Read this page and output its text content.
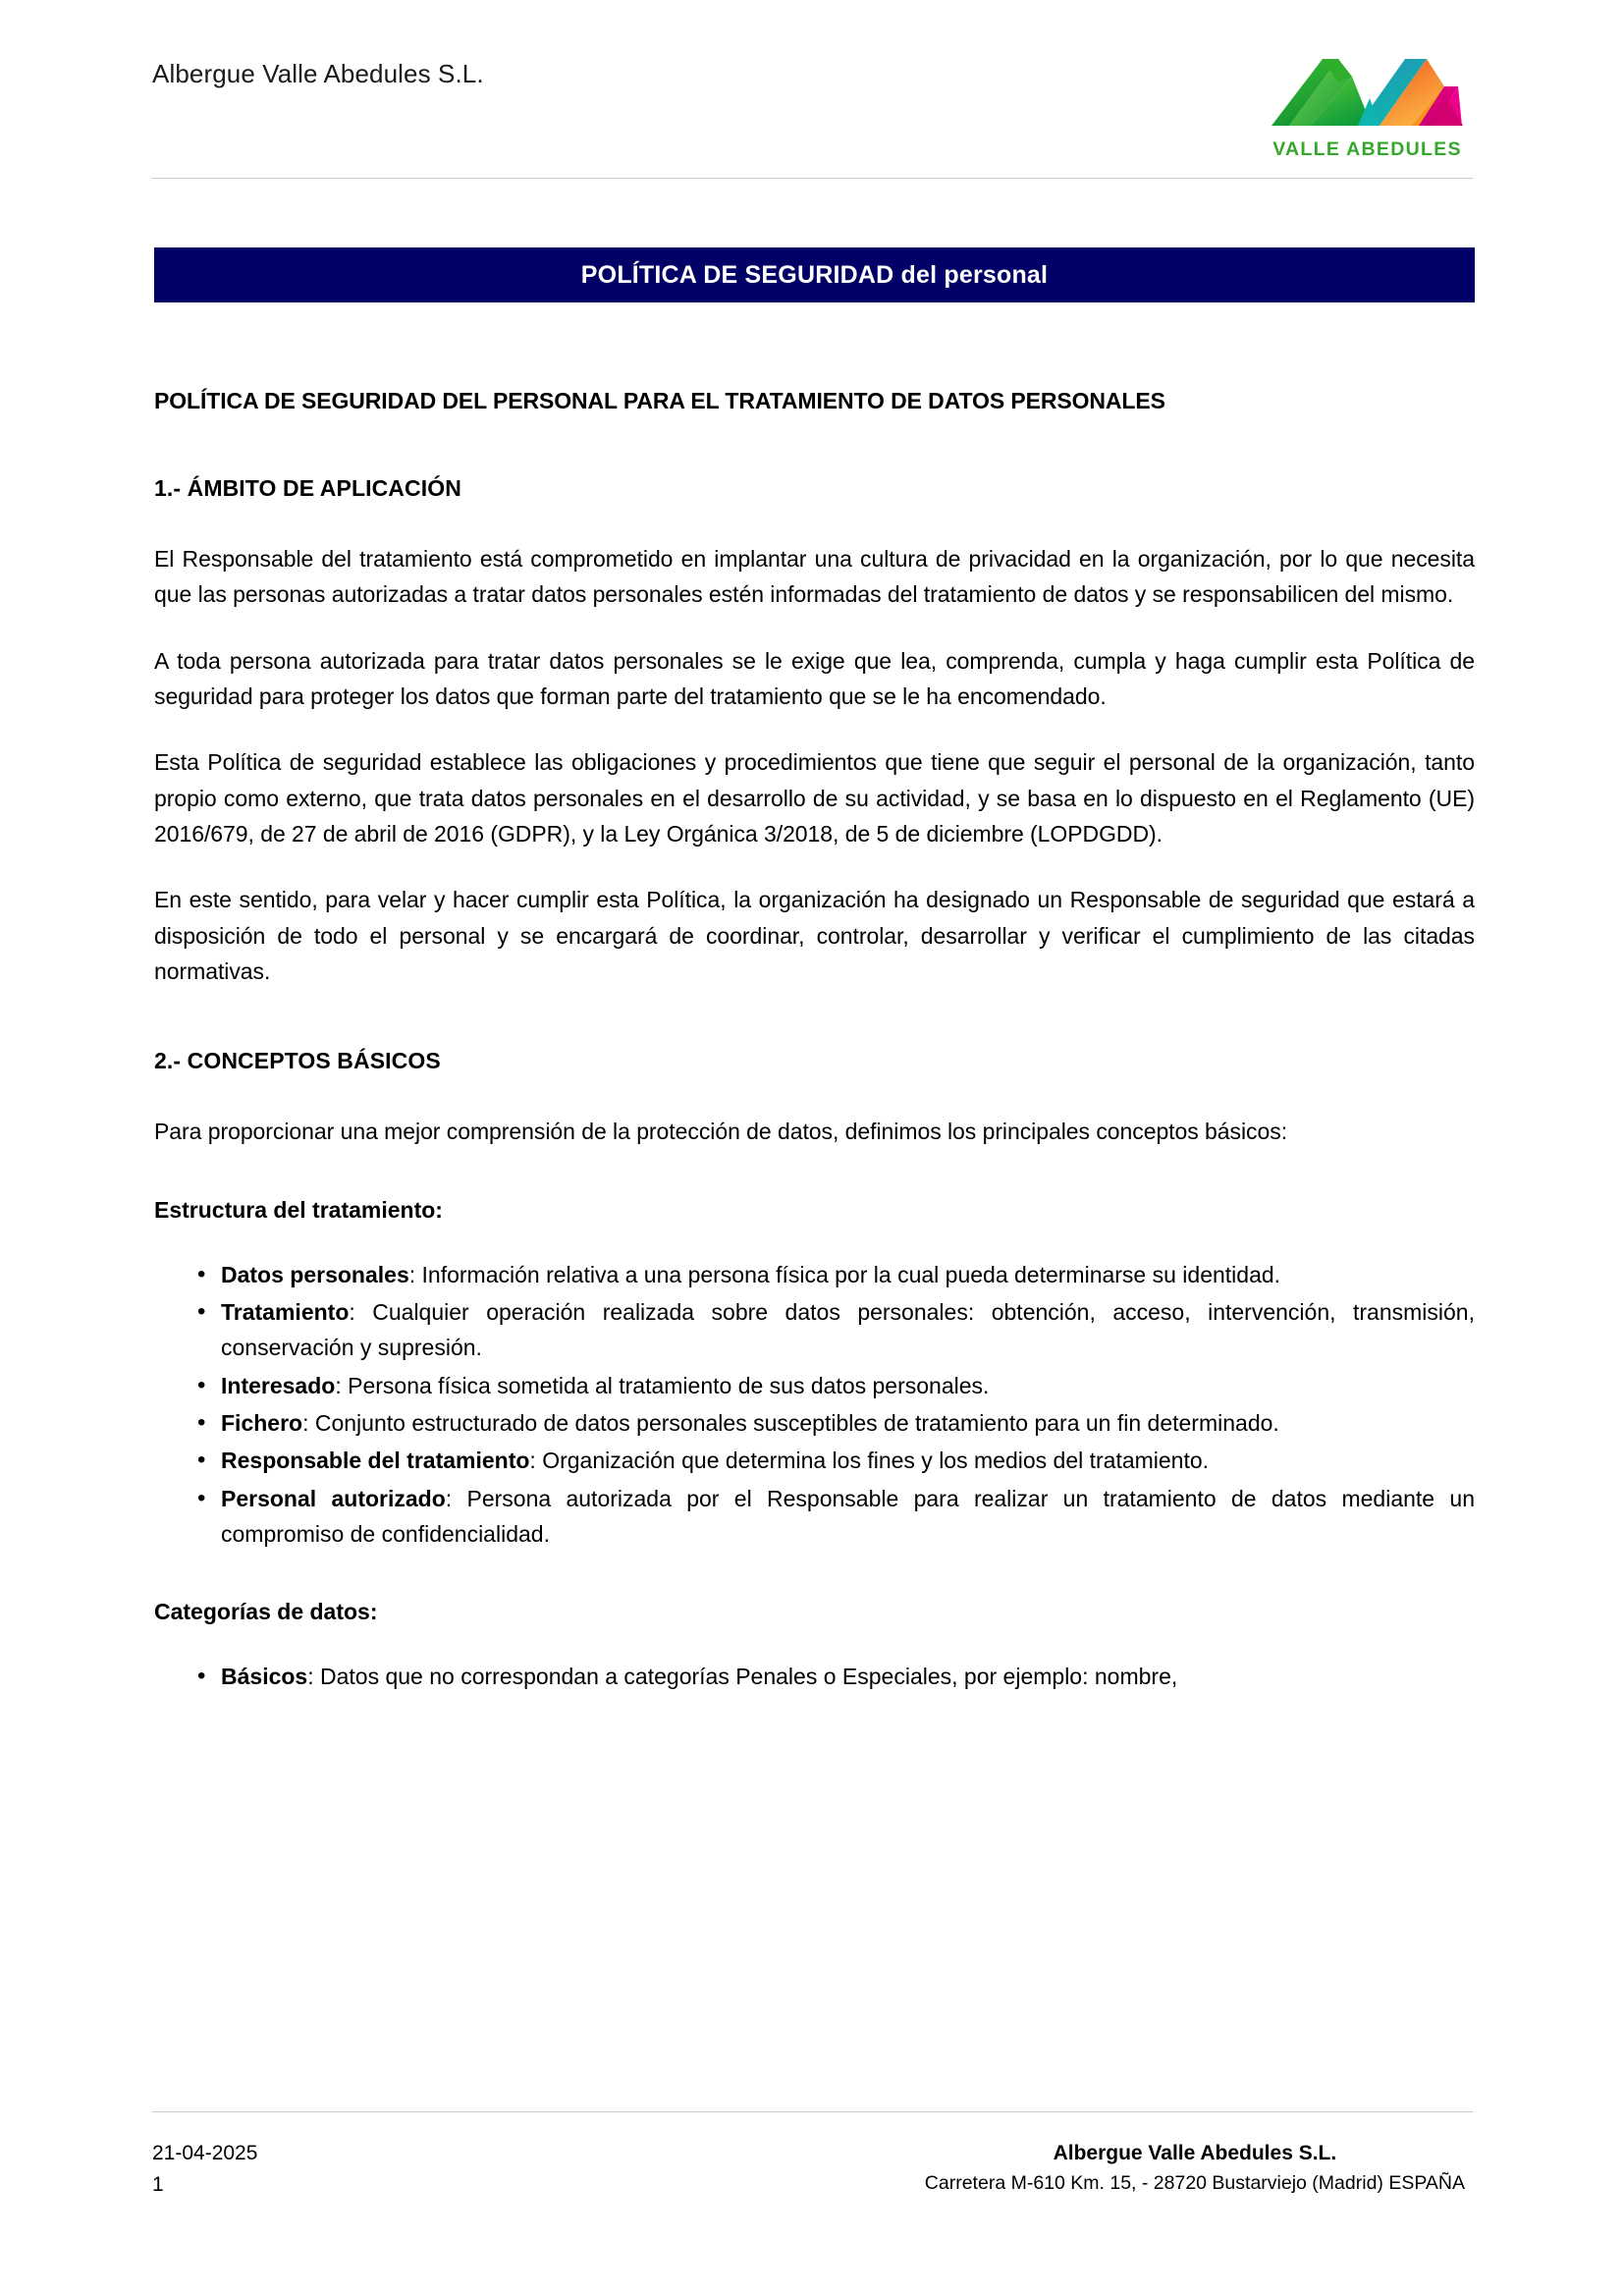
Albergue Valle Abedules S.L.
VALLE ABEDULES
POLÍTICA DE SEGURIDAD del personal
POLÍTICA DE SEGURIDAD DEL PERSONAL PARA EL TRATAMIENTO DE DATOS PERSONALES
1.- ÁMBITO DE APLICACIÓN

El Responsable del tratamiento está comprometido en implantar una cultura de privacidad en la organización, por lo que necesita que las personas autorizadas a tratar datos personales estén informadas del tratamiento de datos y se responsabilicen del mismo.

A toda persona autorizada para tratar datos personales se le exige que lea, comprenda, cumpla y haga cumplir esta Política de seguridad para proteger los datos que forman parte del tratamiento que se le ha encomendado.

Esta Política de seguridad establece las obligaciones y procedimientos que tiene que seguir el personal de la organización, tanto propio como externo, que trata datos personales en el desarrollo de su actividad, y se basa en lo dispuesto en el Reglamento (UE) 2016/679, de 27 de abril de 2016 (GDPR), y la Ley Orgánica 3/2018, de 5 de diciembre (LOPDGDD).

En este sentido, para velar y hacer cumplir esta Política, la organización ha designado un Responsable de seguridad que estará a disposición de todo el personal y se encargará de coordinar, controlar, desarrollar y verificar el cumplimiento de las citadas normativas.

2.- CONCEPTOS BÁSICOS

Para proporcionar una mejor comprensión de la protección de datos, definimos los principales conceptos básicos:

Estructura del tratamiento:
• Datos personales: Información relativa a una persona física por la cual pueda determinarse su identidad.
• Tratamiento: Cualquier operación realizada sobre datos personales: obtención, acceso, intervención, transmisión, conservación y supresión.
• Interesado: Persona física sometida al tratamiento de sus datos personales.
• Fichero: Conjunto estructurado de datos personales susceptibles de tratamiento para un fin determinado.
• Responsable del tratamiento: Organización que determina los fines y los medios del tratamiento.
• Personal autorizado: Persona autorizada por el Responsable para realizar un tratamiento de datos mediante un compromiso de confidencialidad.
Categorías de datos:
• Básicos: Datos que no correspondan a categorías Penales o Especiales, por ejemplo: nombre,
21-04-2025
1
Albergue Valle Abedules S.L.
Carretera M-610 Km. 15, - 28720 Bustarviejo (Madrid) ESPAÑA
